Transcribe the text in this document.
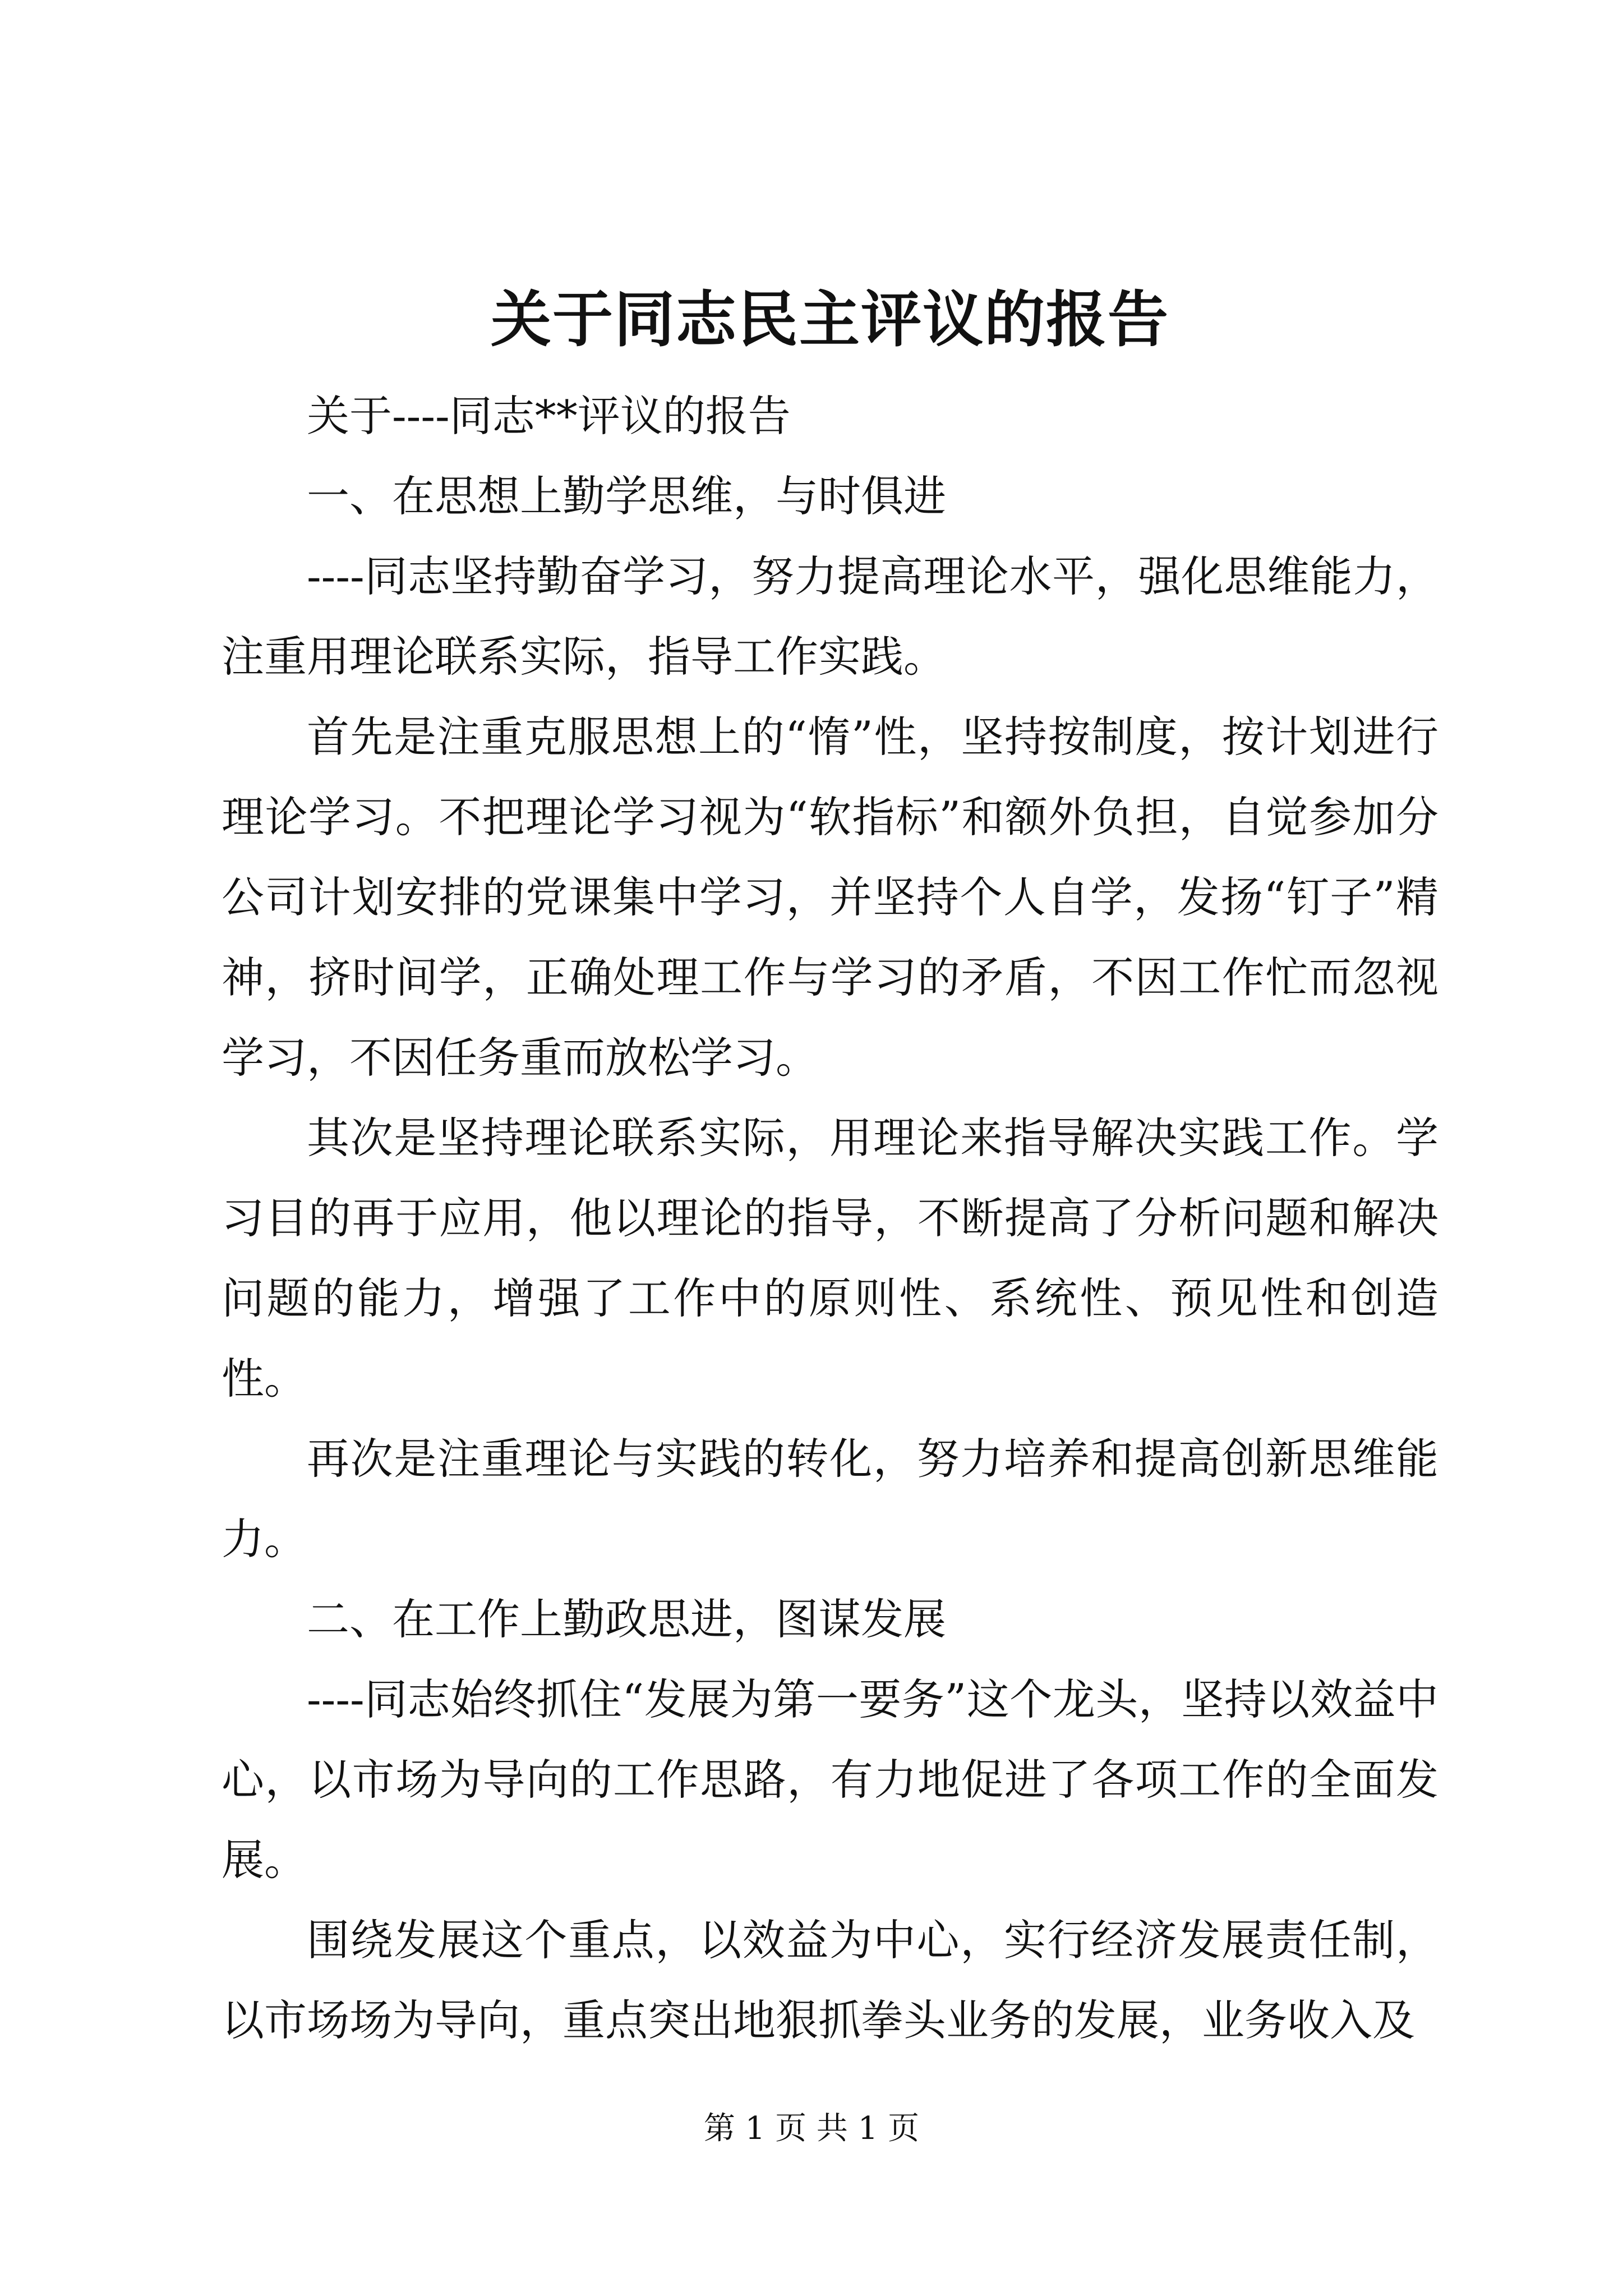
关于同志民主评议的报告

关于----同志**评议的报告

一、在思想上勤学思维，与时俱进

----同志坚持勤奋学习，努力提高理论水平，强化思维能力，注重用理论联系实际，指导工作实践。

首先是注重克服思想上的“惰”性，坚持按制度，按计划进行理论学习。不把理论学习视为“软指标”和额外负担，自觉参加分公司计划安排的党课集中学习，并坚持个人自学，发扬“钉子”精神，挤时间学，正确处理工作与学习的矛盾，不因工作忙而忽视学习，不因任务重而放松学习。

其次是坚持理论联系实际，用理论来指导解决实践工作。学习目的再于应用，他以理论的指导，不断提高了分析问题和解决问题的能力，增强了工作中的原则性、系统性、预见性和创造性。

再次是注重理论与实践的转化，努力培养和提高创新思维能力。

二、在工作上勤政思进，图谋发展

----同志始终抓住“发展为第一要务”这个龙头，坚持以效益中心，以市场为导向的工作思路，有力地促进了各项工作的全面发展。

围绕发展这个重点，以效益为中心，实行经济发展责任制，以市场场为导向，重点突出地狠抓拳头业务的发展，业务收入及

第 1 页 共 1 页
